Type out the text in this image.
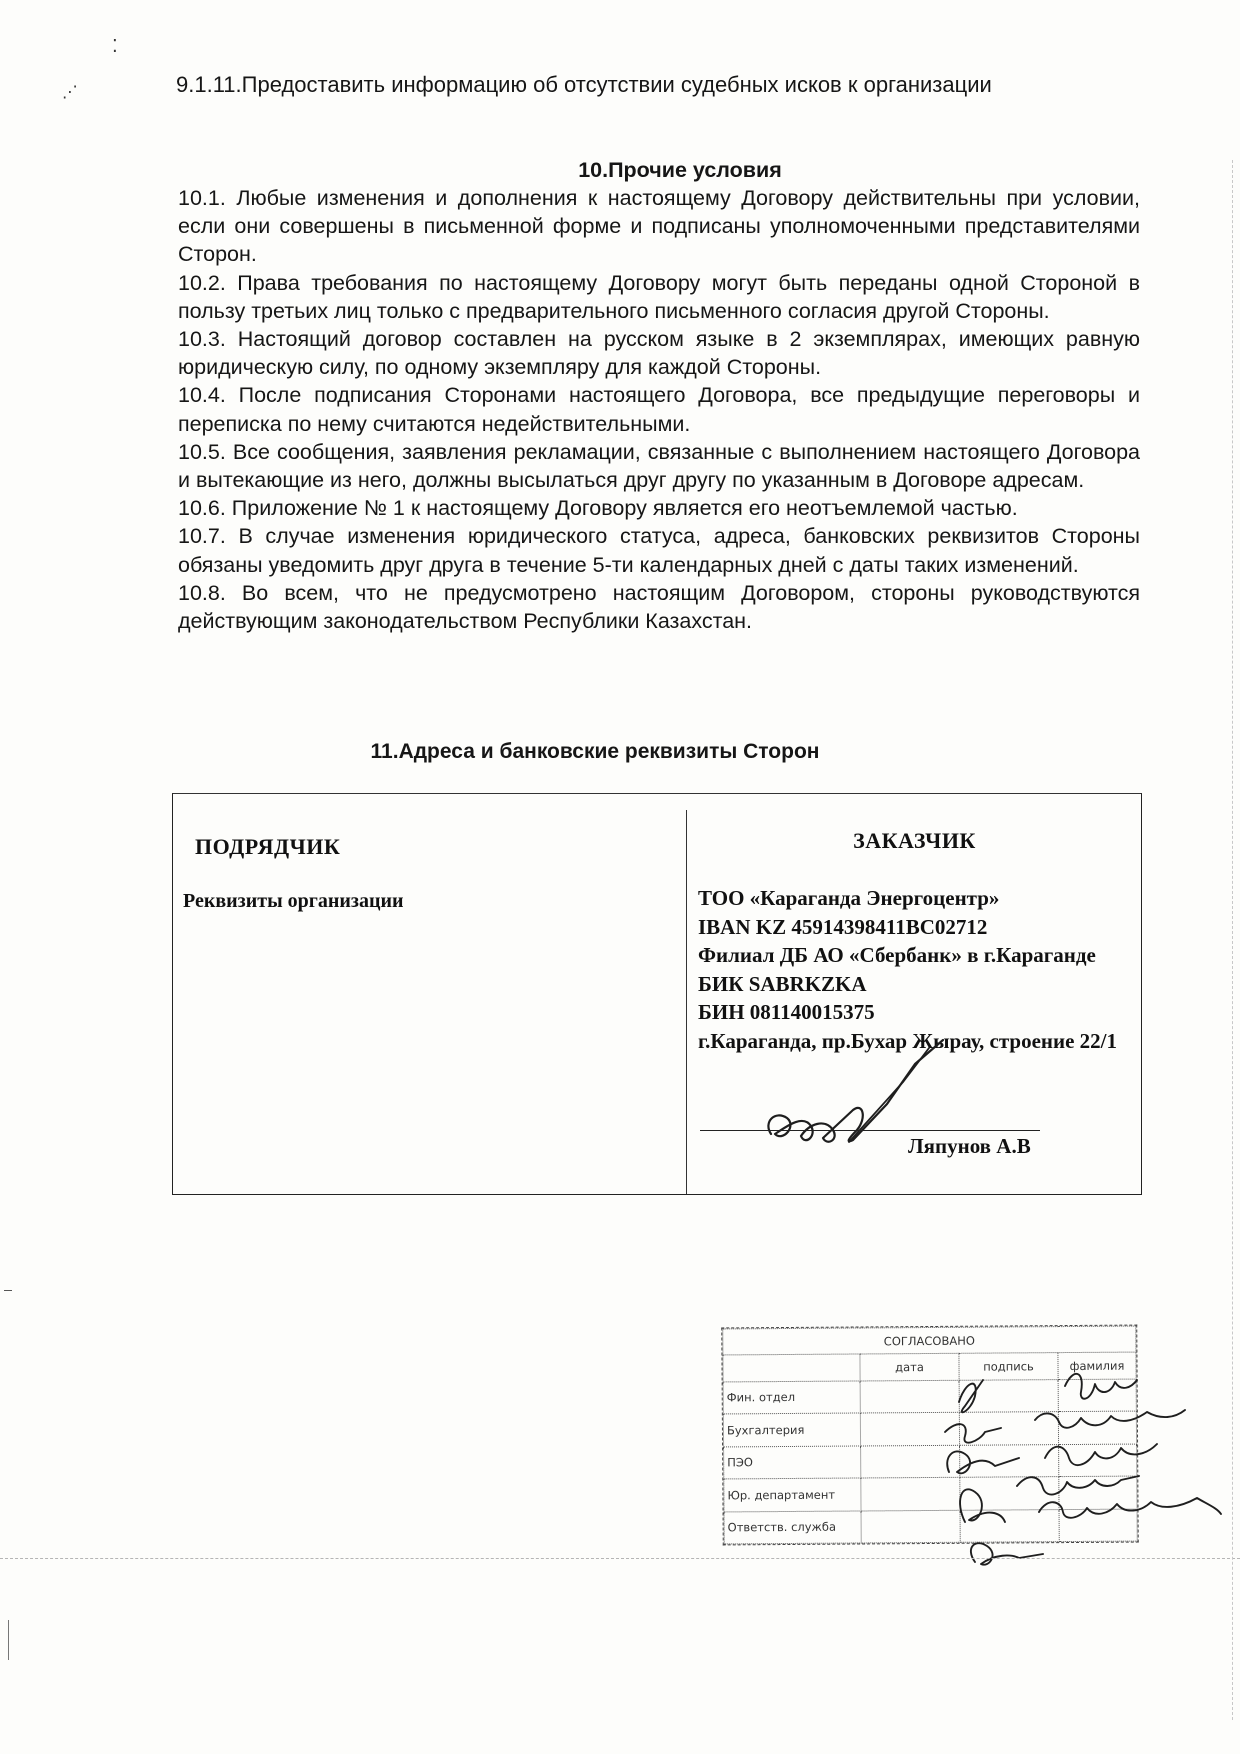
⁚
⋰	9.1.11.Предоставить информацию об отсутствии судебных исков к организации
10.Прочие условия

10.1. Любые изменения и дополнения к настоящему Договору действительны при условии, если они совершены в письменной форме и подписаны уполномоченными представителями Сторон.

10.2. Права требования по настоящему Договору могут быть переданы одной Стороной в пользу третьих лиц только с предварительного письменного согласия другой Стороны.

10.3. Настоящий договор составлен на русском языке в 2 экземплярах, имеющих равную юридическую силу, по одному экземпляру для каждой Стороны.

10.4. После подписания Сторонами настоящего Договора, все предыдущие переговоры и переписка по нему считаются недействительными.

10.5. Все сообщения, заявления рекламации, связанные с выполнением настоящего Договора и вытекающие из него, должны высылаться друг другу по указанным в Договоре адресам.

10.6. Приложение № 1 к настоящему Договору является его неотъемлемой частью.

10.7. В случае изменения юридического статуса, адреса, банковских реквизитов Стороны обязаны уведомить друг друга в течение 5-ти календарных дней с даты таких изменений.

10.8. Во всем, что не предусмотрено настоящим Договором, стороны руководствуются действующим законодательством Республики Казахстан.

11.Адреса и банковские реквизиты Сторон
ПОДРЯДЧИК
Реквизиты организации
ЗАКАЗЧИК
ТОО «Караганда Энергоцентр»
IBAN KZ 45914398411BC02712
Филиал ДБ АО «Сбербанк» в г.Караганде
БИК SABRKZKA
БИН 081140015375
г.Караганда, пр.Бухар Жырау, строение 22/1
Ляпунов А.В
СОГЛАСОВАНО			
	дата	подпись	фамилия
Фин. отдел			
Бухгалтерия			
ПЭО			
Юр. департамент			
Ответств. служба			
